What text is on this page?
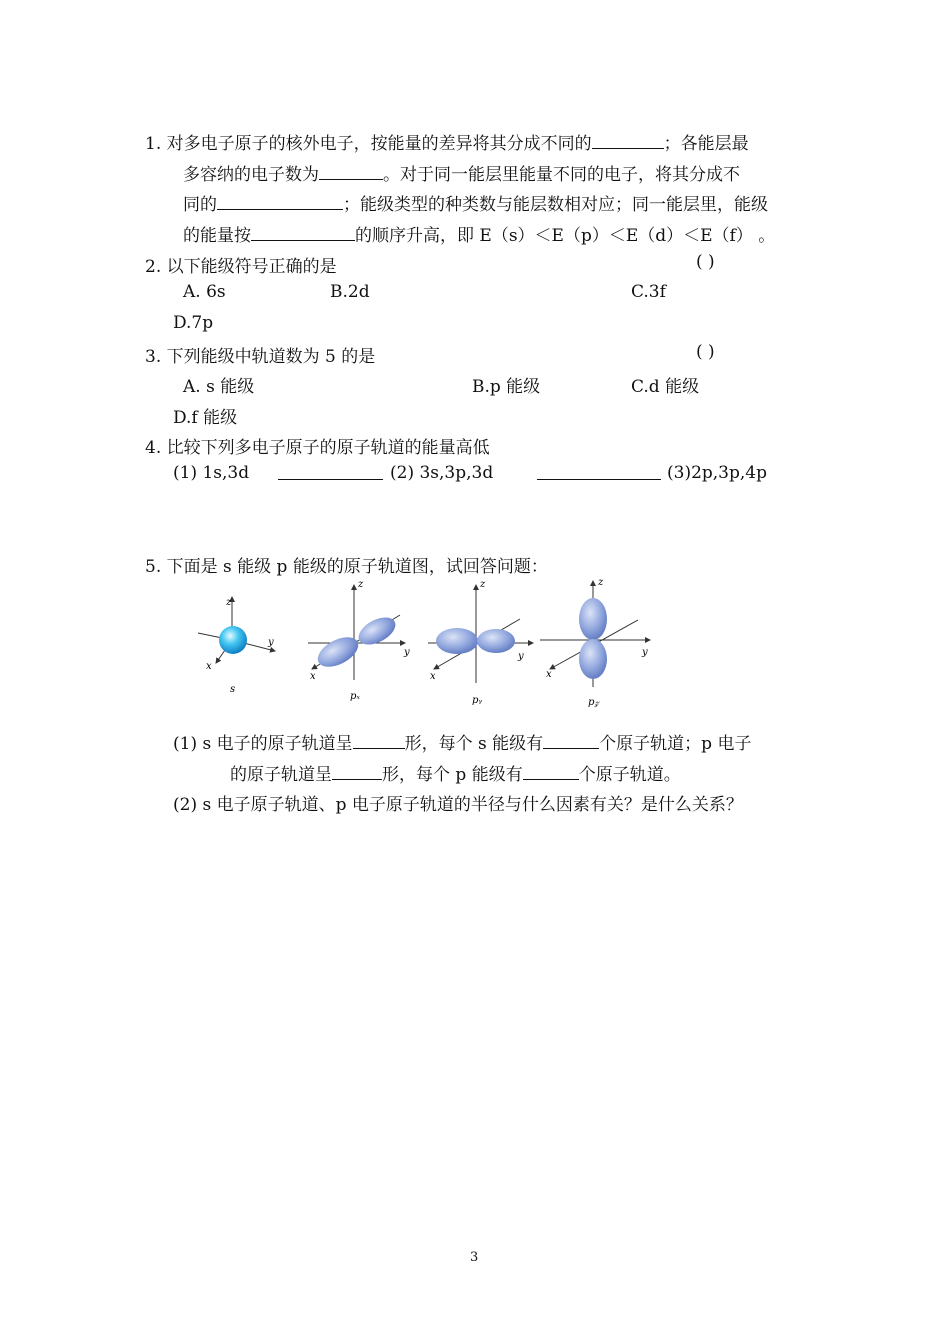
1. 对多电子原子的核外电子，按能量的差异将其分成不同的	；各能层最
多容纳的电子数为	。对于同一能层里能量不同的电子，将其分成不
同的	；能级类型的种类数与能层数相对应；同一能层里，能级
的能量按	的顺序升高，即 E（s）＜E（p）＜E（d）＜E（f） 。
2. 以下能级符号正确的是	( )
A. 6s	B.2d	C.3f
D.7p
3. 下列能级中轨道数为 5 的是	( )
A. s 能级	B.p 能级	C.d 能级
D.f 能级
4. 比较下列多电子原子的原子轨道的能量高低
(1) 1s,3d	(2) 3s,3p,3d	(3)2p,3p,4p
5. 下面是 s 能级 p 能级的原子轨道图，试回答问题：
z
y
x
s
z
y
x
pₓ
z
y
x
pᵧ
z
y
x
p𝓏
(1) s 电子的原子轨道呈	形，每个 s 能级有	个原子轨道；p 电子
的原子轨道呈	形，每个 p 能级有	个原子轨道。
(2) s 电子原子轨道、p 电子原子轨道的半径与什么因素有关？是什么关系？
3
